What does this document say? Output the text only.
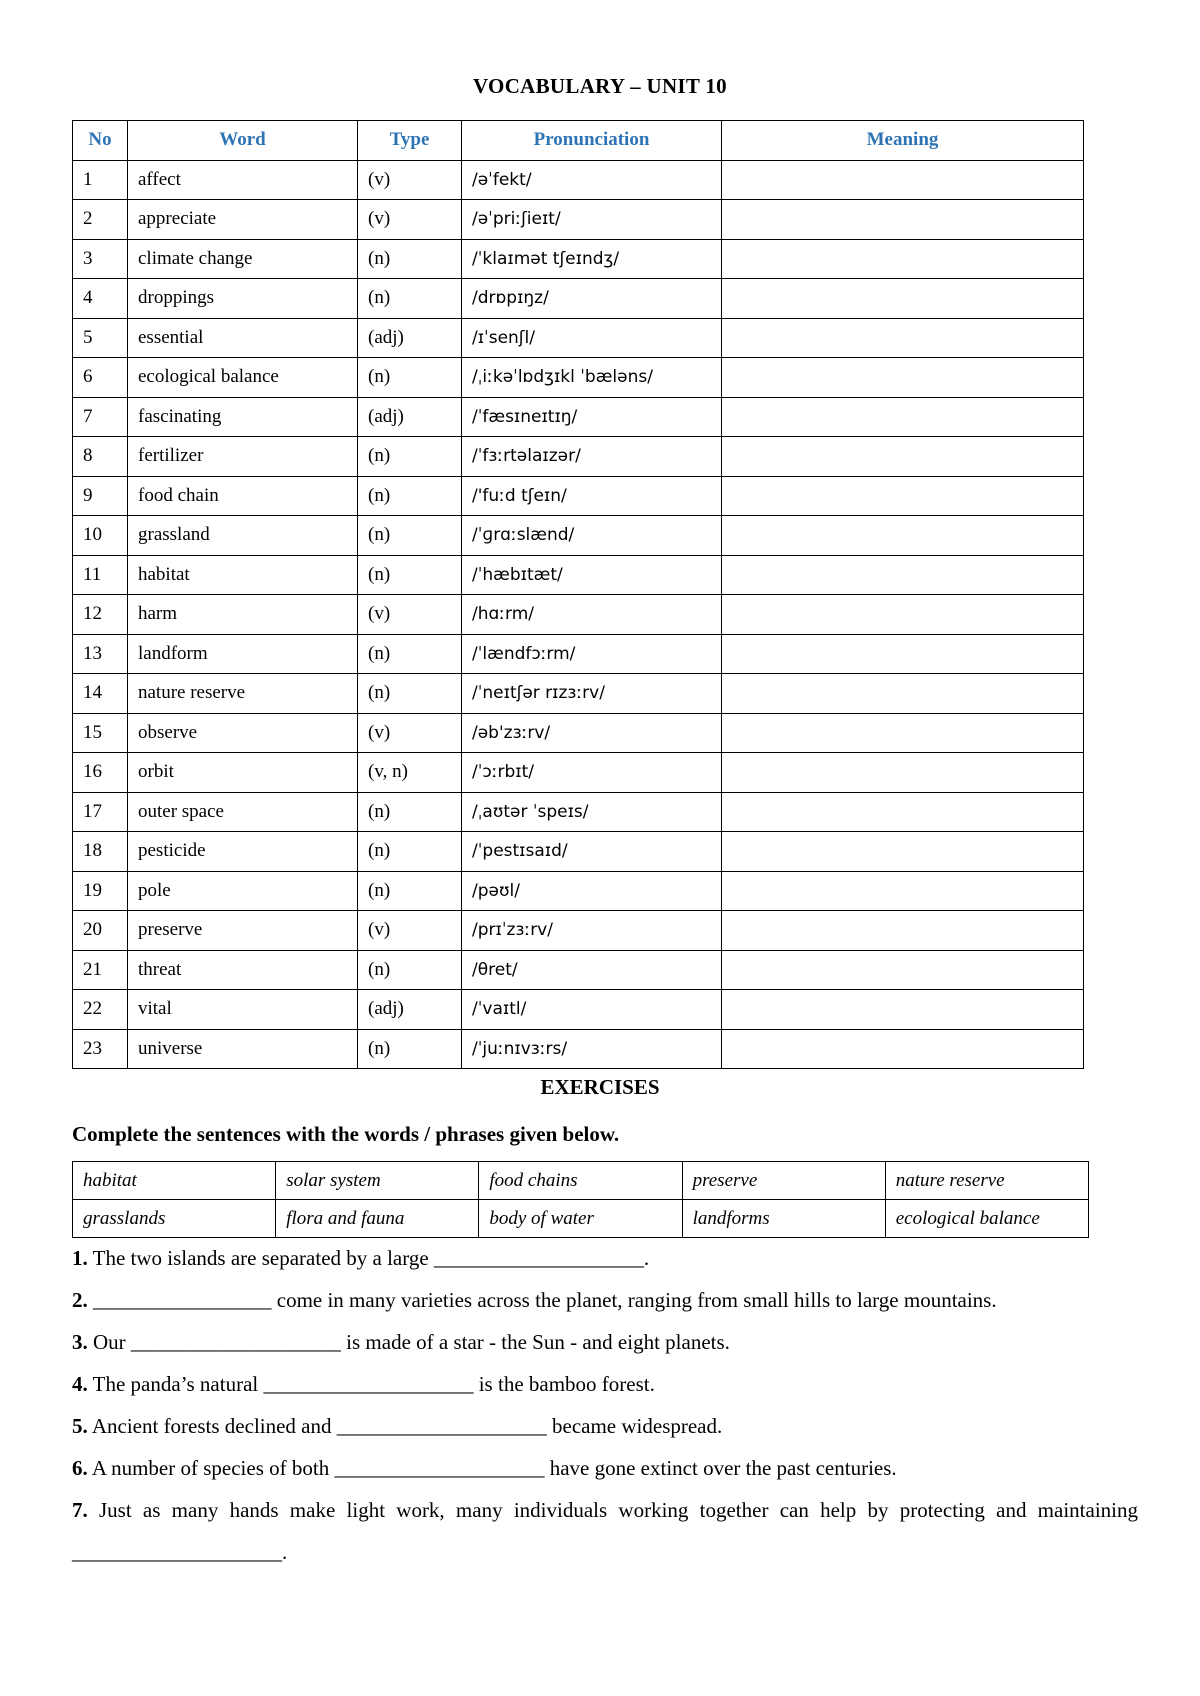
VOCABULARY – UNIT 10
No	Word	Type	Pronunciation	Meaning
1	affect	(v)	/əˈfekt/	
2	appreciate	(v)	/əˈpriːʃieɪt/	
3	climate change	(n)	/ˈklaɪmət tʃeɪndʒ/	
4	droppings	(n)	/drɒpɪŋz/	
5	essential	(adj)	/ɪˈsenʃl/	
6	ecological balance	(n)	/ˌiːkəˈlɒdʒɪkl ˈbæləns/	
7	fascinating	(adj)	/ˈfæsɪneɪtɪŋ/	
8	fertilizer	(n)	/ˈfɜːrtəlaɪzər/	
9	food chain	(n)	/'fuːd tʃeɪn/	
10	grassland	(n)	/ˈɡrɑːslænd/	
11	habitat	(n)	/ˈhæbɪtæt/	
12	harm	(v)	/hɑːrm/	
13	landform	(n)	/ˈlændfɔːrm/	
14	nature reserve	(n)	/ˈneɪtʃər rɪzɜːrv/	
15	observe	(v)	/əb'zɜːrv/	
16	orbit	(v, n)	/ˈɔːrbɪt/	
17	outer space	(n)	/ˌaʊtər ˈspeɪs/	
18	pesticide	(n)	/ˈpestɪsaɪd/	
19	pole	(n)	/pəʊl/	
20	preserve	(v)	/prɪˈzɜːrv/	
21	threat	(n)	/θret/	
22	vital	(adj)	/ˈvaɪtl/	
23	universe	(n)	/ˈjuːnɪvɜːrs/	
EXERCISES
Complete the sentences with the words / phrases given below.
habitat	solar system	food chains	preserve	nature reserve
grasslands	flora and fauna	body of water	landforms	ecological balance
1. The two islands are separated by a large ____________________.
2. _________________ come in many varieties across the planet, ranging from small hills to large mountains.
3. Our ____________________ is made of a star - the Sun - and eight planets.
4. The panda’s natural ____________________ is the bamboo forest.
5. Ancient forests declined and ____________________ became widespread.
6. A number of species of both ____________________ have gone extinct over the past centuries.
7. Just as many hands make light work, many individuals working together can help by protecting and maintaining ____________________.
